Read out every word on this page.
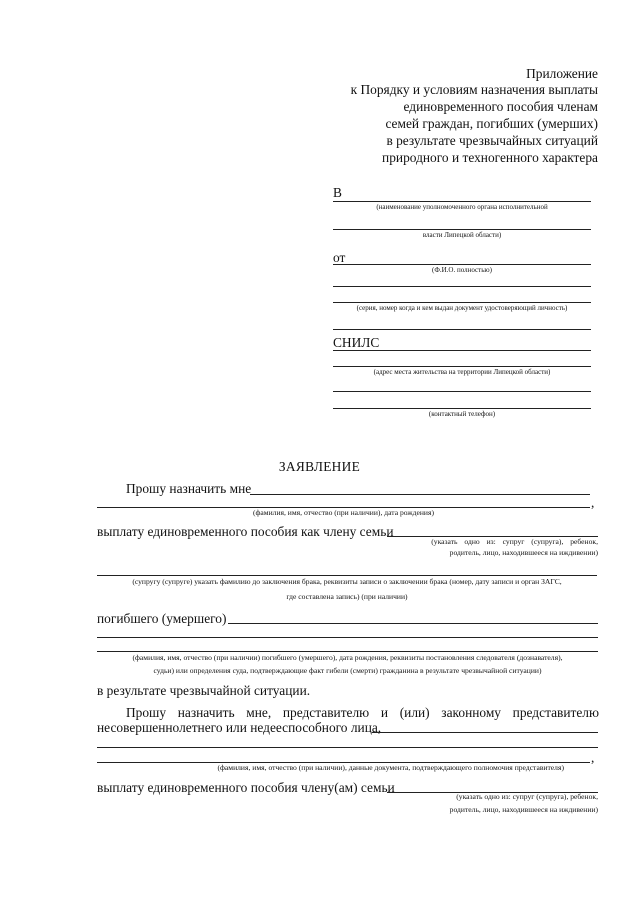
Приложение
к Порядку и условиям назначения выплаты
единовременного пособия членам
семей граждан, погибших (умерших)
в результате чрезвычайных ситуаций
природного и техногенного характера
В
(наименование уполномоченного органа исполнительной
власти Липецкой области)
от
(Ф.И.О. полностью)
(серия, номер когда и кем выдан документ удостоверяющий личность)
СНИЛС
(адрес места жительства на территории Липецкой области)
(контактный телефон)
ЗАЯВЛЕНИЕ
Прошу назначить мне
,
(фамилия, имя, отчество (при наличии), дата рождения)
выплату единовременного пособия как члену семьи
(указать одно из: супруг (супруга), ребенок,
родитель, лицо, находившееся на иждивении)
(супругу (супруге) указать фамилию до заключения брака, реквизиты записи о заключении брака (номер, дату записи и орган ЗАГС,
где составлена запись) (при наличии)
погибшего (умершего)
(фамилия, имя, отчество (при наличии) погибшего (умершего), дата рождения, реквизиты постановления следователя (дознавателя),
судьи) или определения суда, подтверждающие факт гибели (смерти) гражданина в результате чрезвычайной ситуации)
в результате чрезвычайной ситуации.
Прошу назначить мне, представителю и (или) законному представителю
несовершеннолетнего или недееспособного лица,
,
(фамилия, имя, отчество (при наличии), данные документа, подтверждающего полномочия представителя)
выплату единовременного пособия члену(ам) семьи
(указать одно из: супруг (супруга), ребенок,
родитель, лицо, находившееся на иждивении)
